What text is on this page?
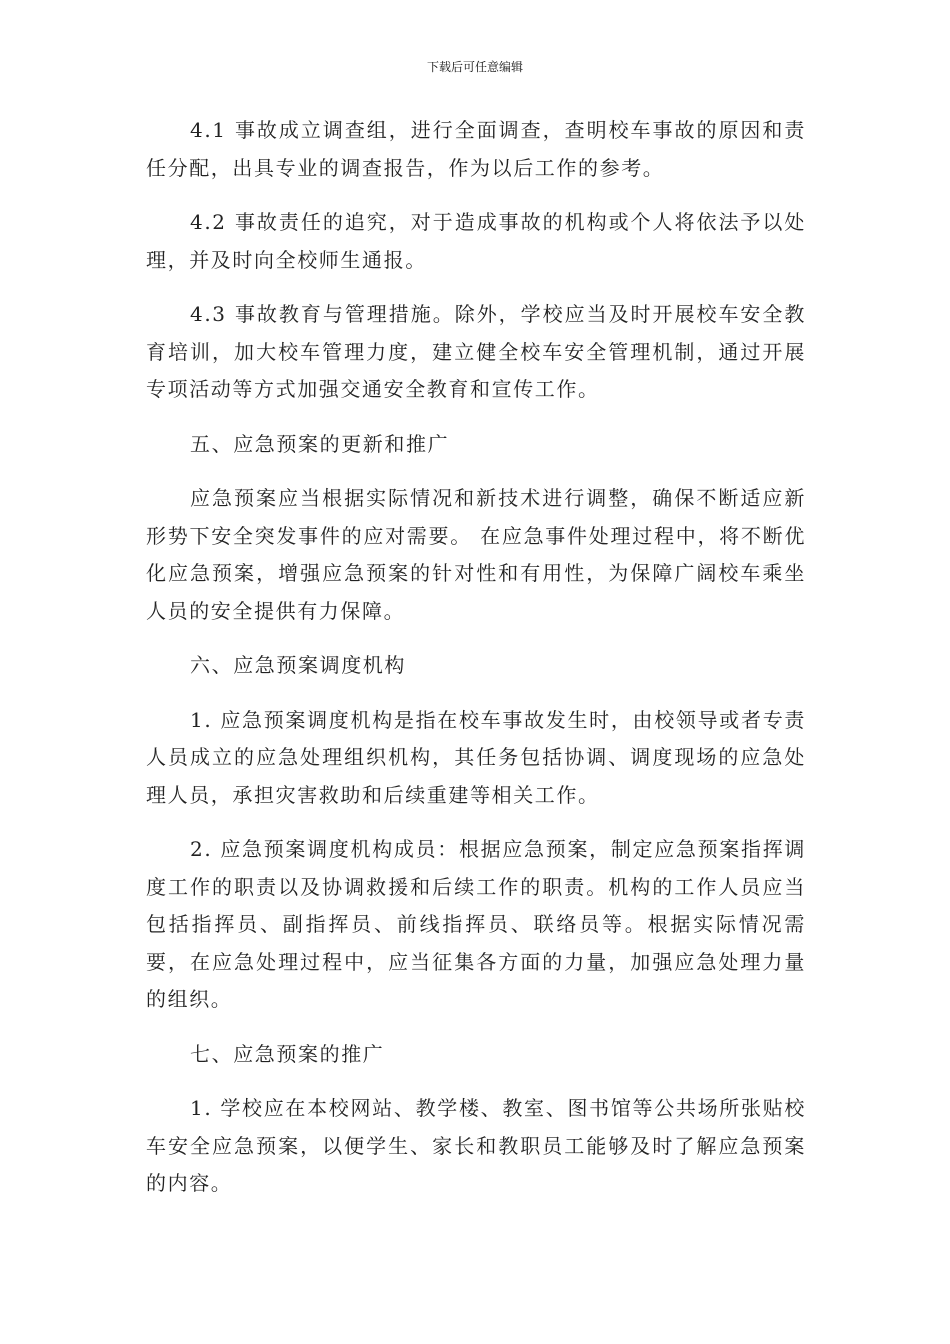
下载后可任意编辑

4.1 事故成立调查组，进行全面调查，查明校车事故的原因和责任分配，出具专业的调查报告，作为以后工作的参考。

4.2 事故责任的追究，对于造成事故的机构或个人将依法予以处理，并及时向全校师生通报。

4.3 事故教育与管理措施。除外，学校应当及时开展校车安全教育培训，加大校车管理力度，建立健全校车安全管理机制，通过开展专项活动等方式加强交通安全教育和宣传工作。

五、应急预案的更新和推广

应急预案应当根据实际情况和新技术进行调整，确保不断适应新形势下安全突发事件的应对需要。 在应急事件处理过程中，将不断优化应急预案，增强应急预案的针对性和有用性，为保障广阔校车乘坐人员的安全提供有力保障。

六、应急预案调度机构

1. 应急预案调度机构是指在校车事故发生时，由校领导或者专责人员成立的应急处理组织机构，其任务包括协调、调度现场的应急处理人员，承担灾害救助和后续重建等相关工作。

2. 应急预案调度机构成员：根据应急预案，制定应急预案指挥调度工作的职责以及协调救援和后续工作的职责。机构的工作人员应当包括指挥员、副指挥员、前线指挥员、联络员等。根据实际情况需要，在应急处理过程中，应当征集各方面的力量，加强应急处理力量的组织。

七、应急预案的推广

1. 学校应在本校网站、教学楼、教室、图书馆等公共场所张贴校车安全应急预案，以便学生、家长和教职员工能够及时了解应急预案的内容。
